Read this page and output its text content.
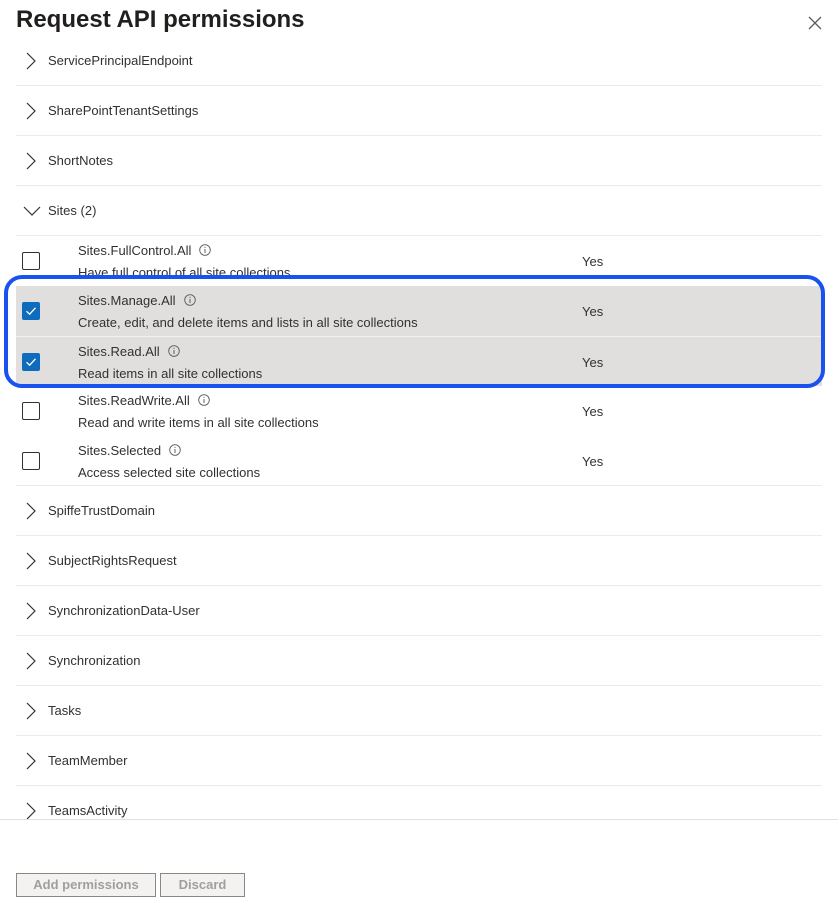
Request API permissions
ServicePrincipalEndpoint
SharePointTenantSettings
ShortNotes
Sites (2)
Sites.FullControl.All
Have full control of all site collections
Yes
Sites.Manage.All
Create, edit, and delete items and lists in all site collections
Yes
Sites.Read.All
Read items in all site collections
Yes
Sites.ReadWrite.All
Read and write items in all site collections
Yes
Sites.Selected
Access selected site collections
Yes
SpiffeTrustDomain
SubjectRightsRequest
SynchronizationData-User
Synchronization
Tasks
TeamMember
TeamsActivity
Add permissions	Discard
